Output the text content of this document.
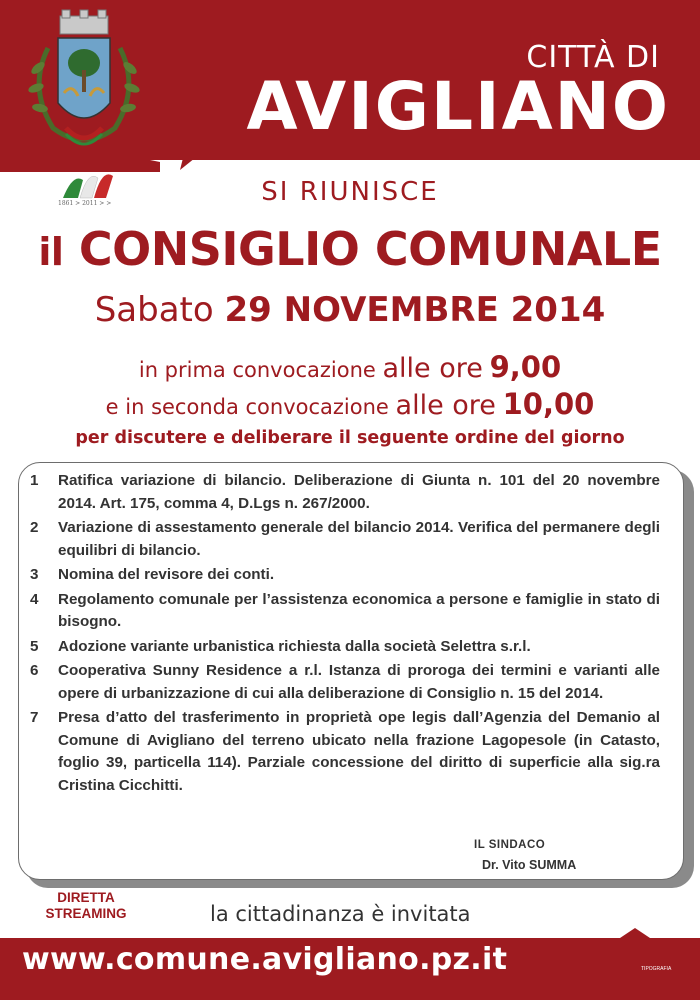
CITTÀ DI
AVIGLIANO
1861 > 2011 > >	SI RIUNISCE
il CONSIGLIO COMUNALE
Sabato 29 NOVEMBRE 2014
in prima convocazione alle ore 9,00
e in seconda convocazione alle ore 10,00
per discutere e deliberare il seguente ordine del giorno
1	Ratifica variazione di bilancio. Deliberazione di Giunta n. 101 del 20 novembre 2014. Art. 175, comma 4, D.Lgs n. 267/2000.
2	Variazione di assestamento generale del bilancio 2014. Verifica del permanere degli equilibri di bilancio.
3	Nomina del revisore dei conti.
4	Regolamento comunale per l’assistenza economica a persone e famiglie in stato di bisogno.
5	Adozione variante urbanistica richiesta dalla società Selettra s.r.l.
6	Cooperativa Sunny Residence a r.l. Istanza di proroga dei termini e varianti alle opere di urbanizzazione di cui alla deliberazione di Consiglio n. 15 del 2014.
7	Presa d’atto del trasferimento in proprietà ope legis dall’Agenzia del Demanio al Comune di Avigliano del terreno ubicato nella frazione Lagopesole (in Catasto, foglio 39, particella 114). Parziale concessione del diritto di superficie alla sig.ra Cristina Cicchitti.
IL SINDACO
Dr. Vito SUMMA
DIRETTA
STREAMING	la cittadinanza è invitata
www.comune.avigliano.pz.it	TIPOGRAFIA
